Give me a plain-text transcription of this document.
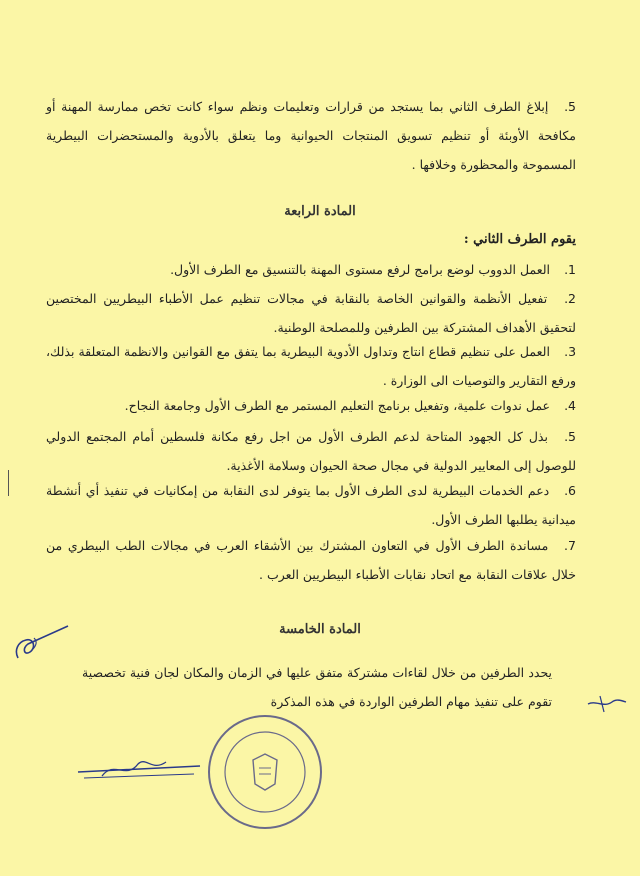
5. إبلاغ الطرف الثاني بما يستجد من قرارات وتعليمات ونظم سواء كانت تخص ممارسة المهنة أو مكافحة الأوبئة أو تنظيم تسويق المنتجات الحيوانية وما يتعلق بالأدوية والمستحضرات البيطرية المسموحة والمحظورة وخلافها .
المادة الرابعة
يقوم الطرف الثاني :
1. العمل الدووب لوضع برامج لرفع مستوى المهنة بالتنسيق مع الطرف الأول.
2. تفعيل الأنظمة والقوانين الخاصة بالنقابة في مجالات تنظيم عمل الأطباء البيطريين المختصين لتحقيق الأهداف المشتركة بين الطرفين وللمصلحة الوطنية.
3. العمل على تنظيم قطاع انتاج وتداول الأدوية البيطرية بما يتفق مع القوانين والانظمة المتعلقة بذلك، ورفع التقارير والتوصيات الى الوزارة .
4. عمل ندوات علمية، وتفعيل برنامج التعليم المستمر مع الطرف الأول وجامعة النجاح.
5. بذل كل الجهود المتاحة لدعم الطرف الأول من اجل رفع مكانة فلسطين أمام المجتمع الدولي للوصول إلى المعايير الدولية في مجال صحة الحيوان وسلامة الأغذية.
6. دعم الخدمات البيطرية لدى الطرف الأول بما يتوفر لدى النقابة من إمكانيات في تنفيذ أي أنشطة ميدانية يطلبها الطرف الأول.
7. مساندة الطرف الأول في التعاون المشترك بين الأشقاء العرب في مجالات الطب البيطري من خلال علاقات النقابة مع اتحاد نقابات الأطباء البيطريين العرب .
المادة الخامسة
يحدد الطرفين من خلال لقاءات مشتركة متفق عليها في الزمان والمكان لجان فنية تخصصية تقوم على تنفيذ مهام الطرفين الواردة في هذه المذكرة
